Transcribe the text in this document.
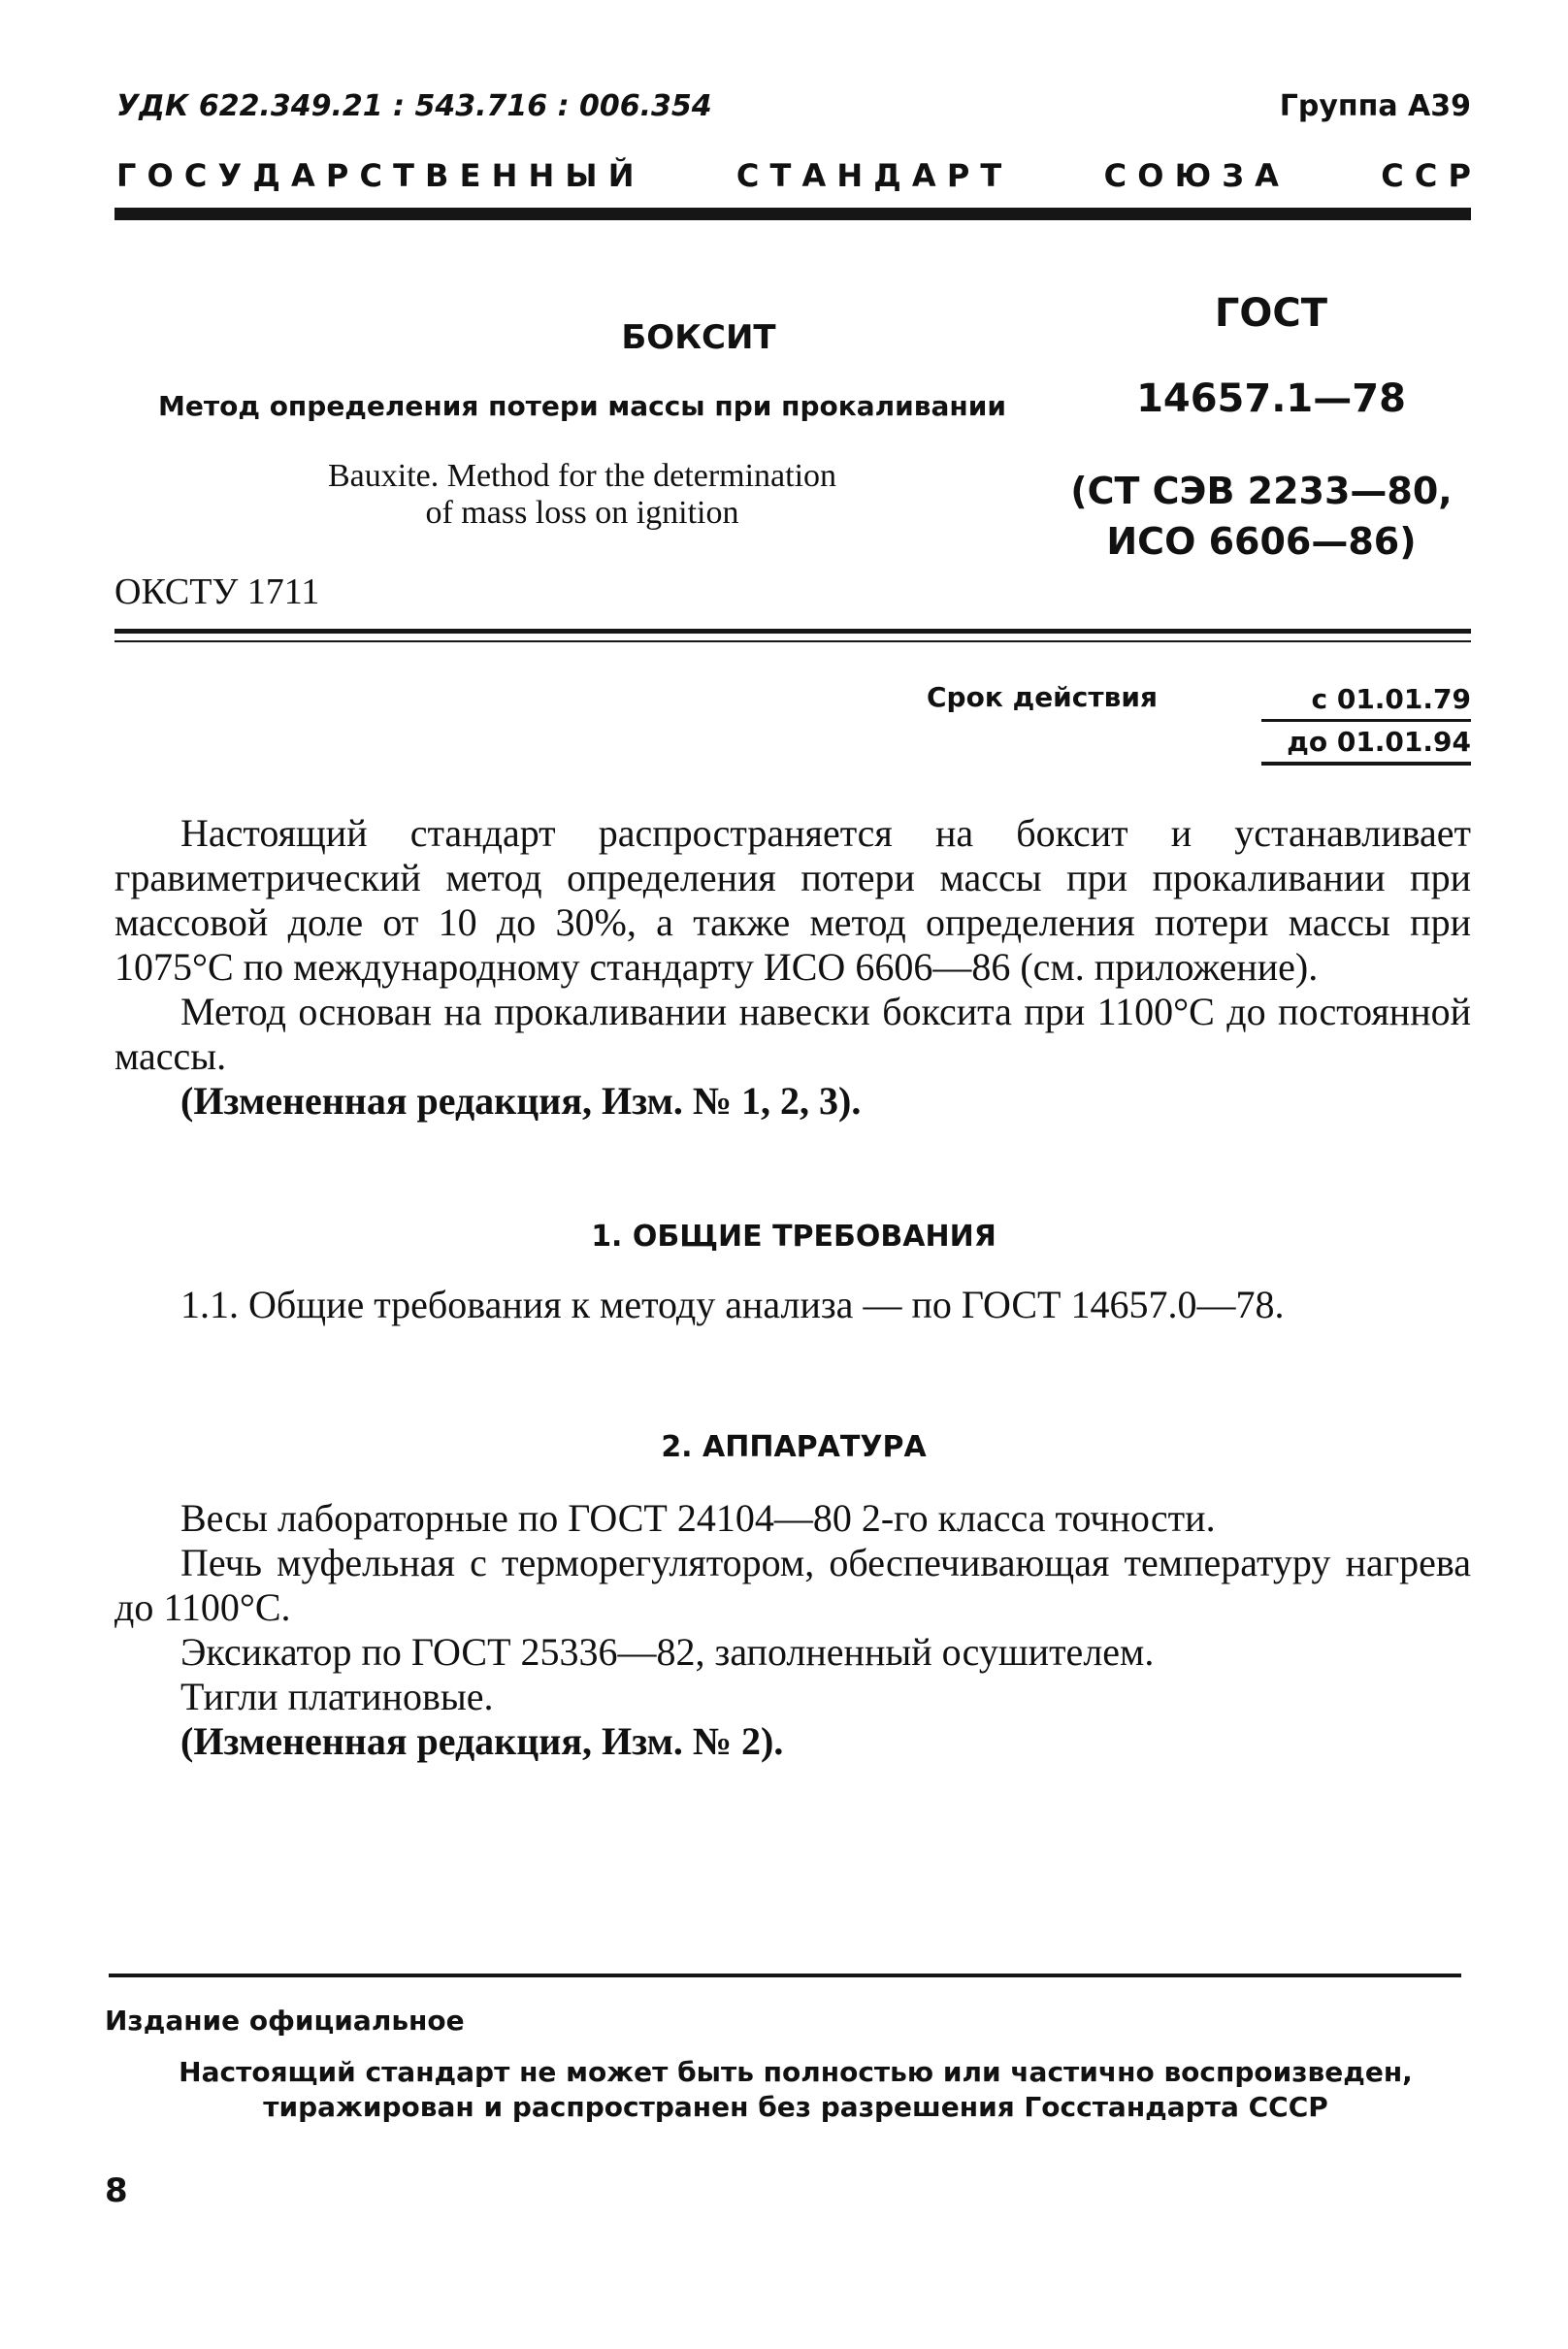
УДК 622.349.21 : 543.716 : 006.354	Группа А39
Г О С У Д А Р С Т В Е Н Н Ы Й	С Т А Н Д А Р Т	С О Ю З А	С С Р
БОКСИТ
Метод определения потери массы при прокаливании
Bauxite. Method for the determination
of mass loss on ignition
ОКСТУ 1711
ГОСТ
14657.1—78
(СТ СЭВ 2233—80,
ИСО 6606—86)
Срок действия	с 01.01.79
до 01.01.94

Настоящий стандарт распространяется на боксит и устанавливает гравиметрический метод определения потери массы при прокаливании при массовой доле от 10 до 30%, а также метод определения потери массы при 1075°С по международному стандарту ИСО 6606—86 (см. приложение).

Метод основан на прокаливании навески боксита при 1100°С до постоянной массы.

(Измененная редакция, Изм. № 1, 2, 3).

1. ОБЩИЕ ТРЕБОВАНИЯ

1.1. Общие требования к методу анализа — по ГОСТ 14657.0—78.

2. АППАРАТУРА

Весы лабораторные по ГОСТ 24104—80 2-го класса точности.

Печь муфельная с терморегулятором, обеспечивающая температуру нагрева до 1100°С.

Эксикатор по ГОСТ 25336—82, заполненный осушителем.

Тигли платиновые.

(Измененная редакция, Изм. № 2).

Издание официальное
Настоящий стандарт не может быть полностью или частично воспроизведен, тиражирован и распространен без разрешения Госстандарта СССР
8
